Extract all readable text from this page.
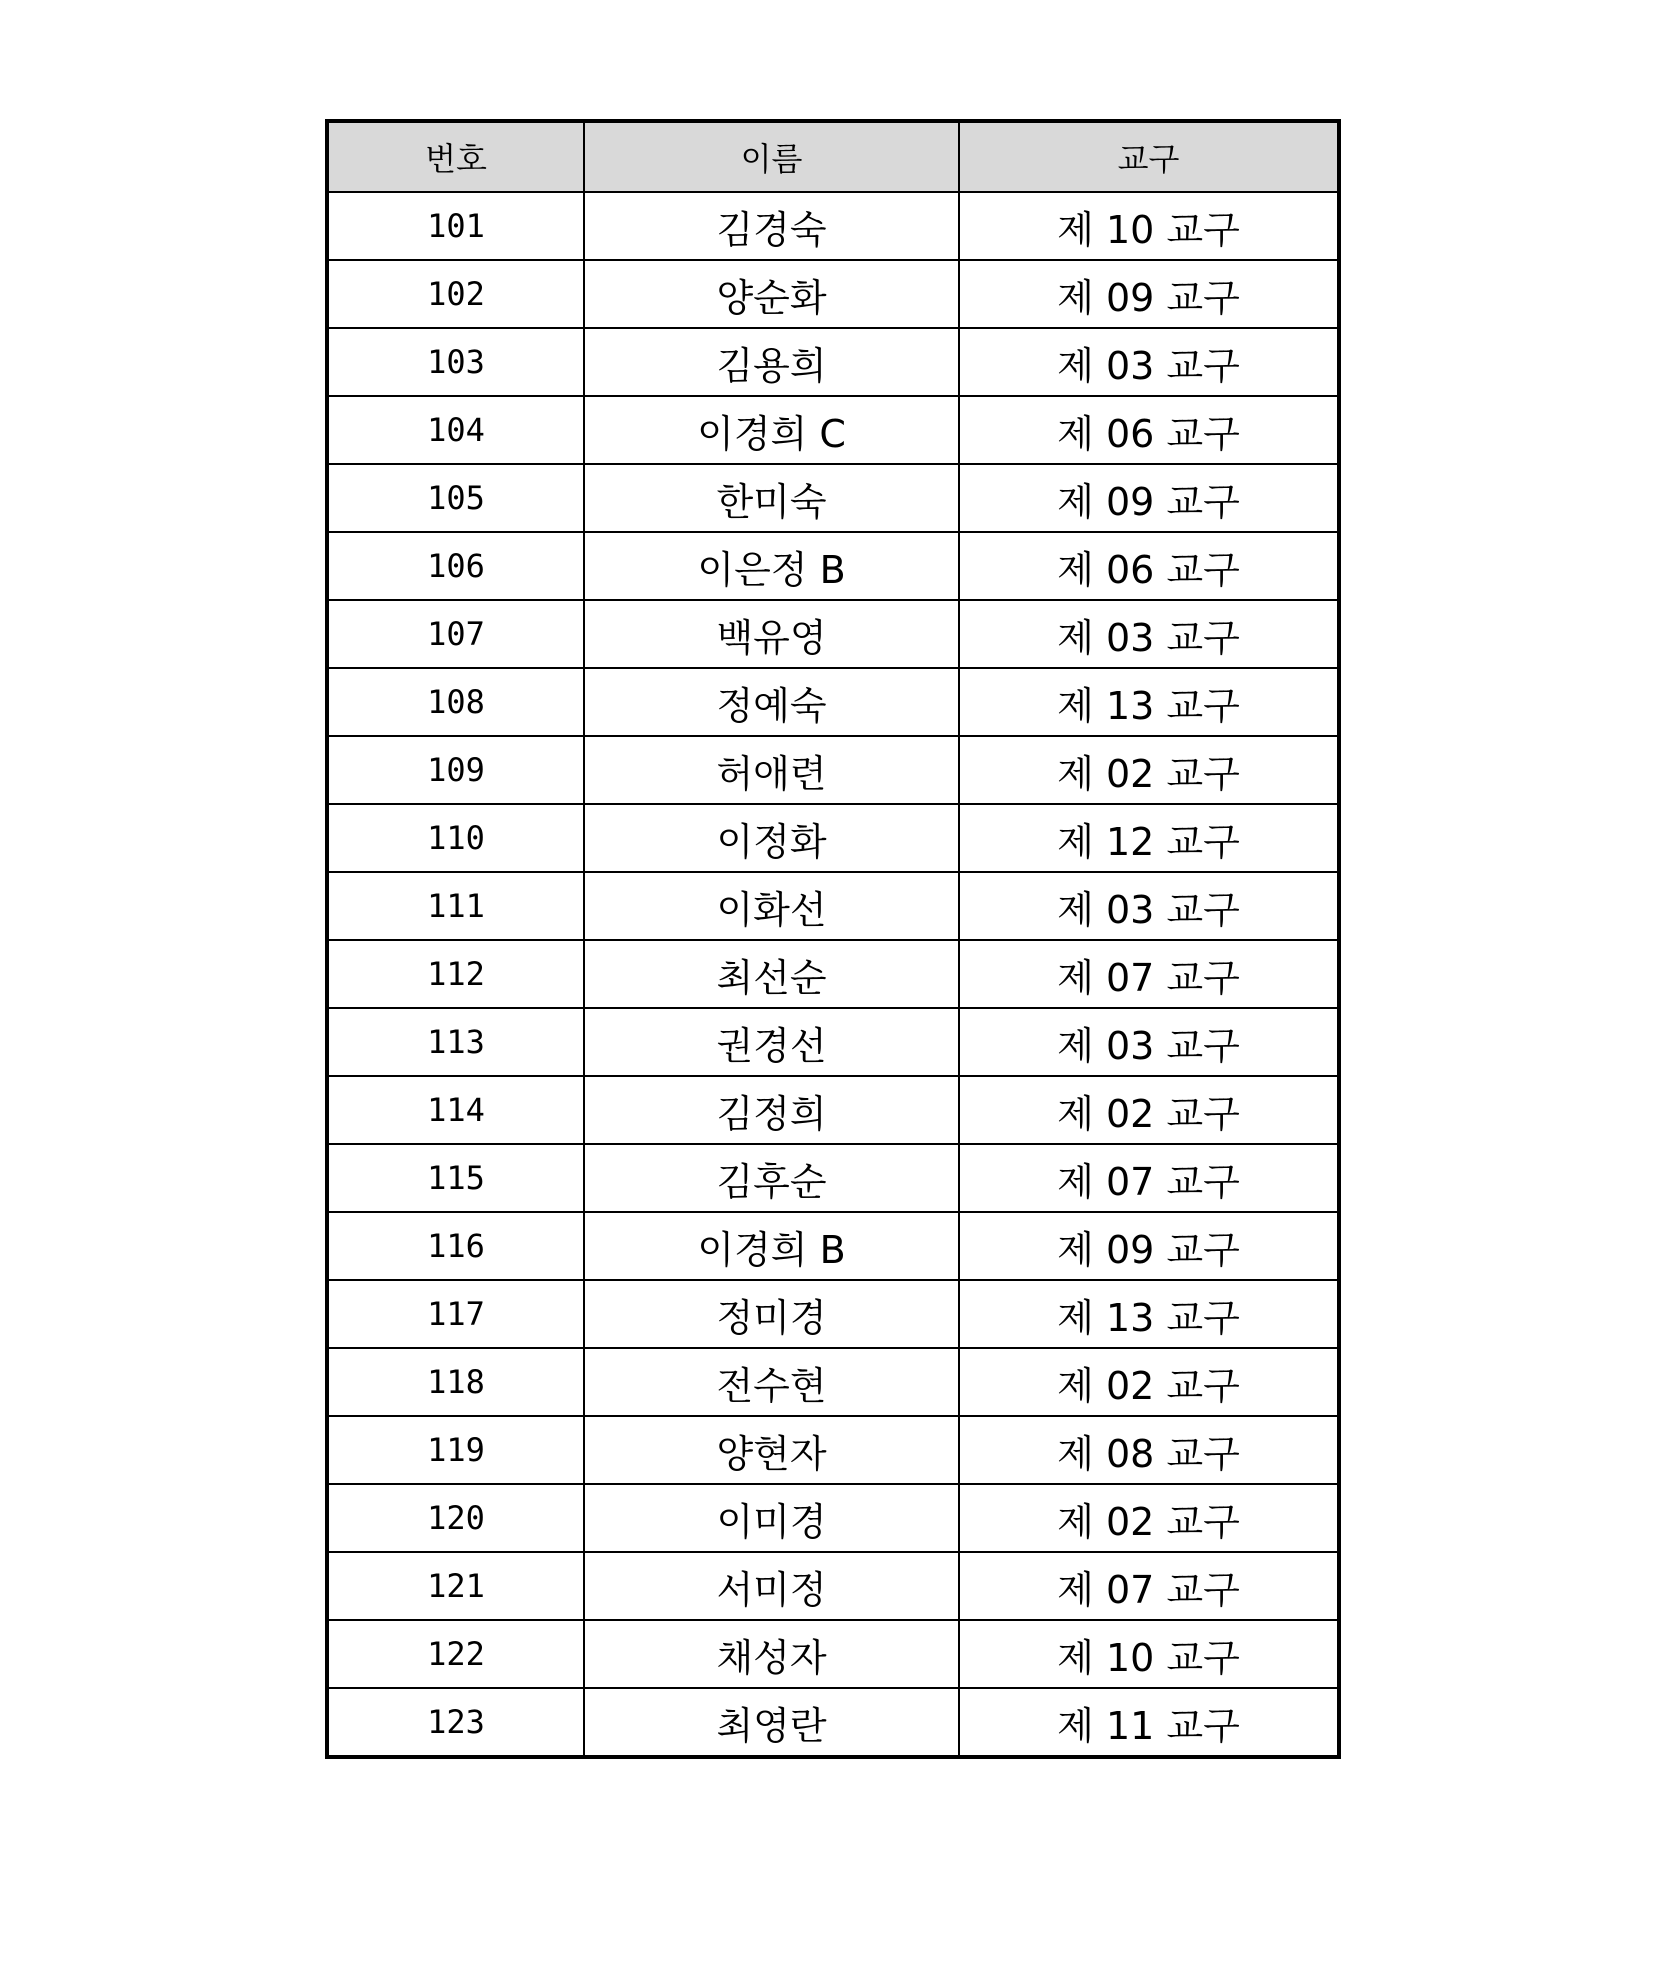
번호	이름	교구
101	김경숙	제 10 교구
102	양순화	제 09 교구
103	김용희	제 03 교구
104	이경희 C	제 06 교구
105	한미숙	제 09 교구
106	이은정 B	제 06 교구
107	백유영	제 03 교구
108	정예숙	제 13 교구
109	허애련	제 02 교구
110	이정화	제 12 교구
111	이화선	제 03 교구
112	최선순	제 07 교구
113	권경선	제 03 교구
114	김정희	제 02 교구
115	김후순	제 07 교구
116	이경희 B	제 09 교구
117	정미경	제 13 교구
118	전수현	제 02 교구
119	양현자	제 08 교구
120	이미경	제 02 교구
121	서미정	제 07 교구
122	채성자	제 10 교구
123	최영란	제 11 교구
